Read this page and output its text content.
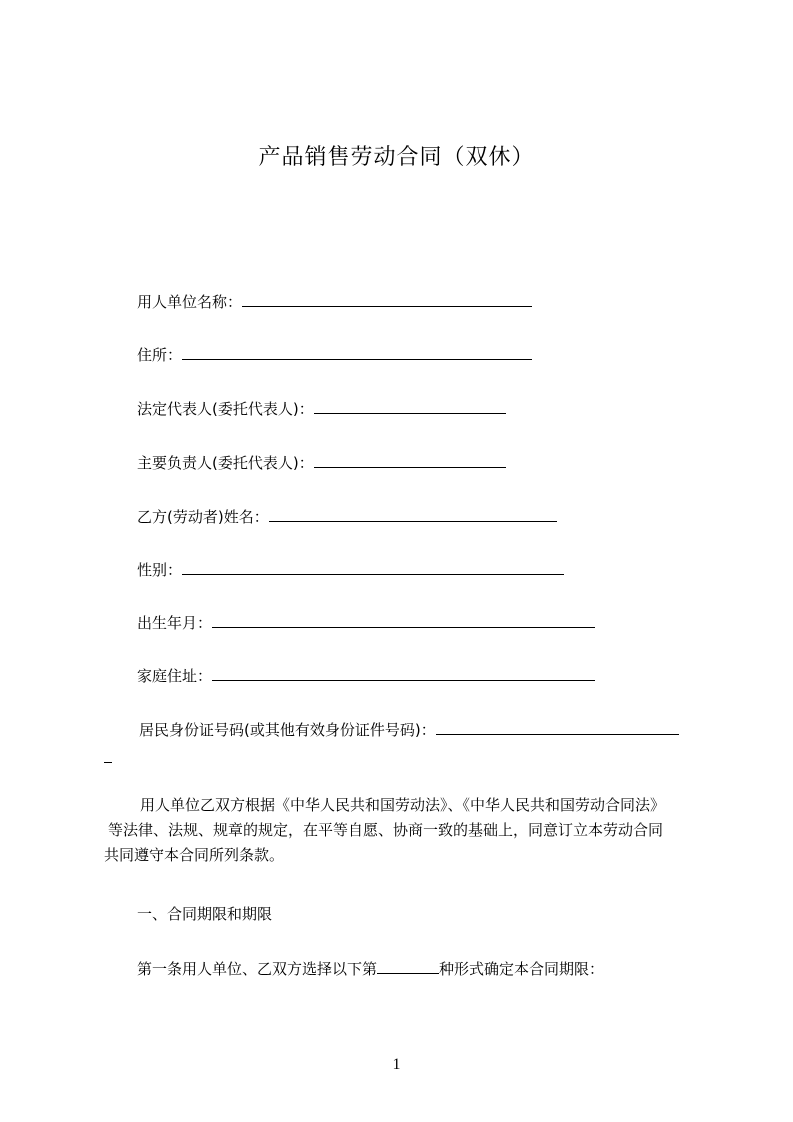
产品销售劳动合同（双休）
用人单位名称：
住所：
法定代表人(委托代表人)：
主要负责人(委托代表人)：
乙方(劳动者)姓名：
性别：
出生年月：
家庭住址：
居民身份证号码(或其他有效身份证件号码)：
用人单位乙双方根据《中华人民共和国劳动法》、《中华人民共和国劳动合同法》
等法律、法规、规章的规定，在平等自愿、协商一致的基础上，同意订立本劳动合同
共同遵守本合同所列条款。
一、合同期限和期限
第一条用人单位、乙双方选择以下第	种形式确定本合同期限：
1
